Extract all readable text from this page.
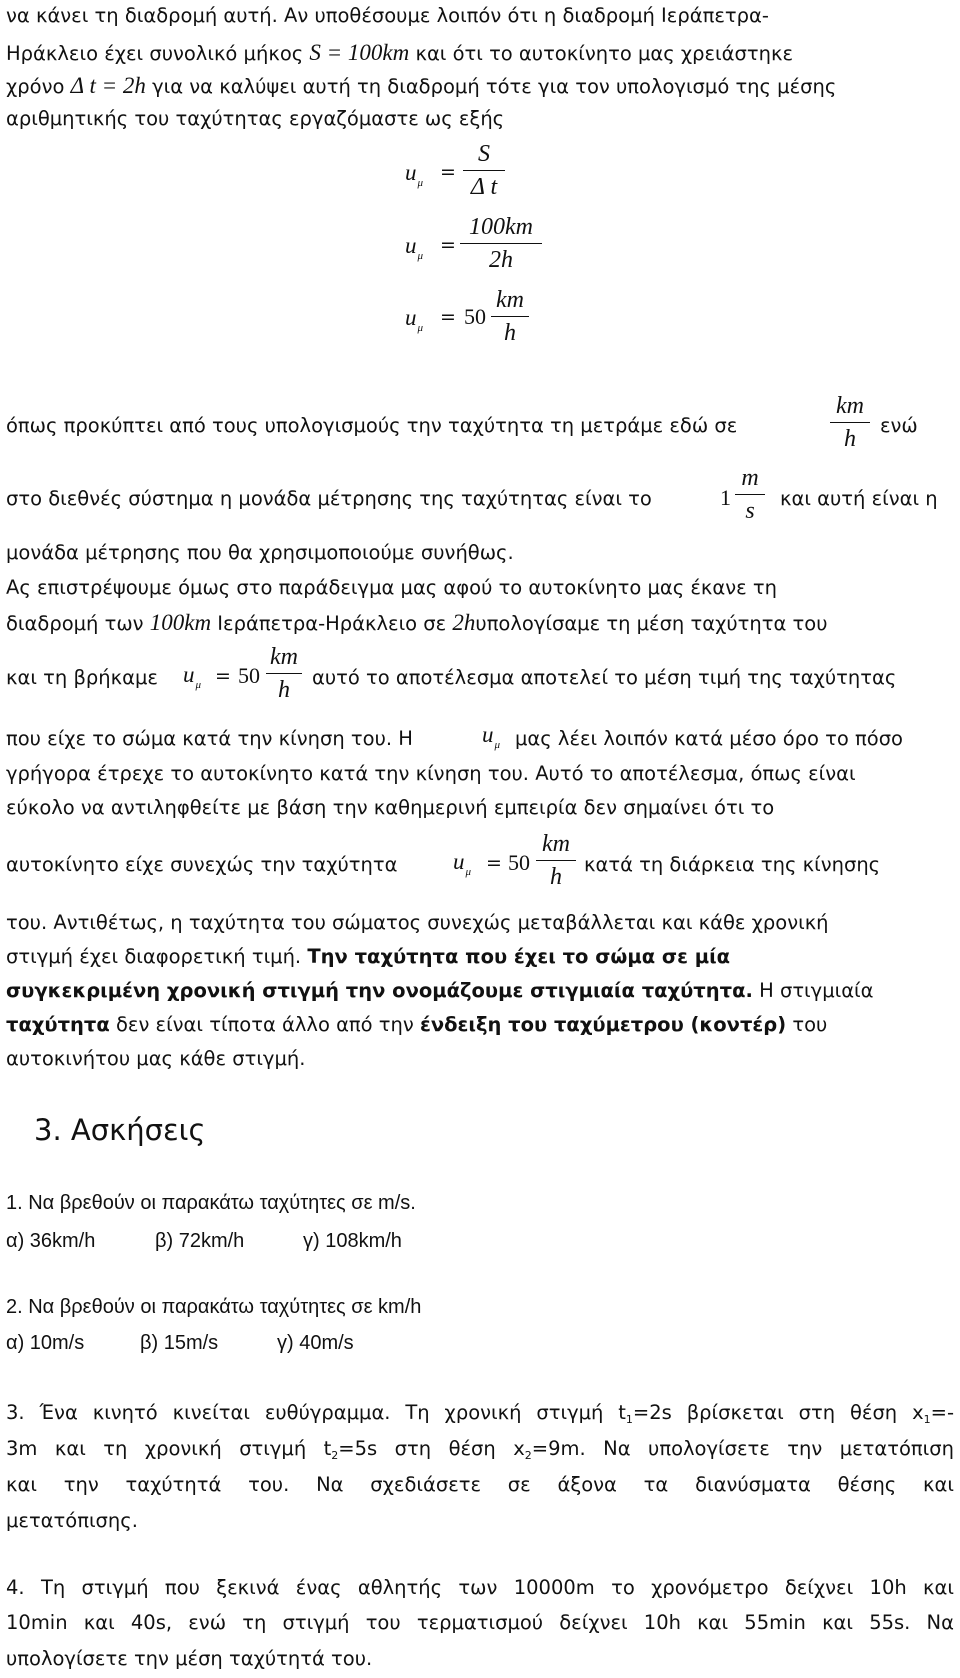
να κάνει τη διαδρομή αυτή. Αν υποθέσουμε λοιπόν ότι η διαδρομή Ιεράπετρα-
Ηράκλειο έχει συνολικό μήκος S = 100km και ότι το αυτοκίνητο μας χρειάστηκε
χρόνο Δ t = 2h για να καλύψει αυτή τη διαδρομή τότε για τον υπολογισμό της μέσης
αριθμητικής του ταχύτητας εργαζόμαστε ως εξής
$u_\mu$ =
S
Δ t
$u_\mu$ =
100km
2h
$u_\mu = 50$
km
h
όπως προκύπτει από τους υπολογισμούς την ταχύτητα τη μετράμε εδώ σε
km
h
ενώ
στο διεθνές σύστημα η μονάδα μέτρησης της ταχύτητας είναι το	1
m
s	και αυτή είναι η
μονάδα μέτρησης που θα χρησιμοποιούμε συνήθως.
Ας επιστρέψουμε όμως στο παράδειγμα μας αφού το αυτοκίνητο μας έκανε τη
διαδρομή των 100km Ιεράπετρα-Ηράκλειο σε 2hυπολογίσαμε τη μέση ταχύτητα του
και τη βρήκαμε $u_\mu = 50$
km
h	αυτό το αποτέλεσμα αποτελεί το μέση τιμή της ταχύτητας
που είχε το σώμα κατά την κίνηση του. Η	$u_\mu$ μας λέει λοιπόν κατά μέσο όρο το πόσο
γρήγορα έτρεχε το αυτοκίνητο κατά την κίνηση του. Αυτό το αποτέλεσμα, όπως είναι
εύκολο να αντιληφθείτε με βάση την καθημερινή εμπειρία δεν σημαίνει ότι το
αυτοκίνητο είχε συνεχώς την ταχύτητα $u_\mu = 50$
km
h	κατά τη διάρκεια της κίνησης
του. Αντιθέτως, η ταχύτητα του σώματος συνεχώς μεταβάλλεται και κάθε χρονική
στιγμή έχει διαφορετική τιμή. Την ταχύτητα που έχει το σώμα σε μία
συγκεκριμένη χρονική στιγμή την ονομάζουμε στιγμιαία ταχύτητα. Η στιγμιαία
ταχύτητα δεν είναι τίποτα άλλο από την ένδειξη του ταχύμετρου (κοντέρ) του
αυτοκινήτου μας κάθε στιγμή.
3. Ασκήσεις
1. Να βρεθούν οι παρακάτω ταχύτητες σε m/s.
α) 36km/h	β) 72km/h	γ) 108km/h
2. Να βρεθούν οι παρακάτω ταχύτητες σε km/h
α) 10m/s	β) 15m/s	γ) 40m/s
3. Ένα κινητό κινείται ευθύγραμμα. Τη χρονική στιγμή $t_1=2s$ βρίσκεται στη θέση $x_1=-$
3m και τη χρονική στιγμή $t_2=5s$ στη θέση $x_2=9m$. Να υπολογίσετε την μετατόπιση
και την ταχύτητά του. Να σχεδιάσετε σε άξονα τα διανύσματα θέσης και
μετατόπισης.
4. Τη στιγμή που ξεκινά ένας αθλητής των 10000m το χρονόμετρο δείχνει 10h και
10min και 40s, ενώ τη στιγμή του τερματισμού δείχνει 10h και 55min και 55s. Να
υπολογίσετε την μέση ταχύτητά του.
